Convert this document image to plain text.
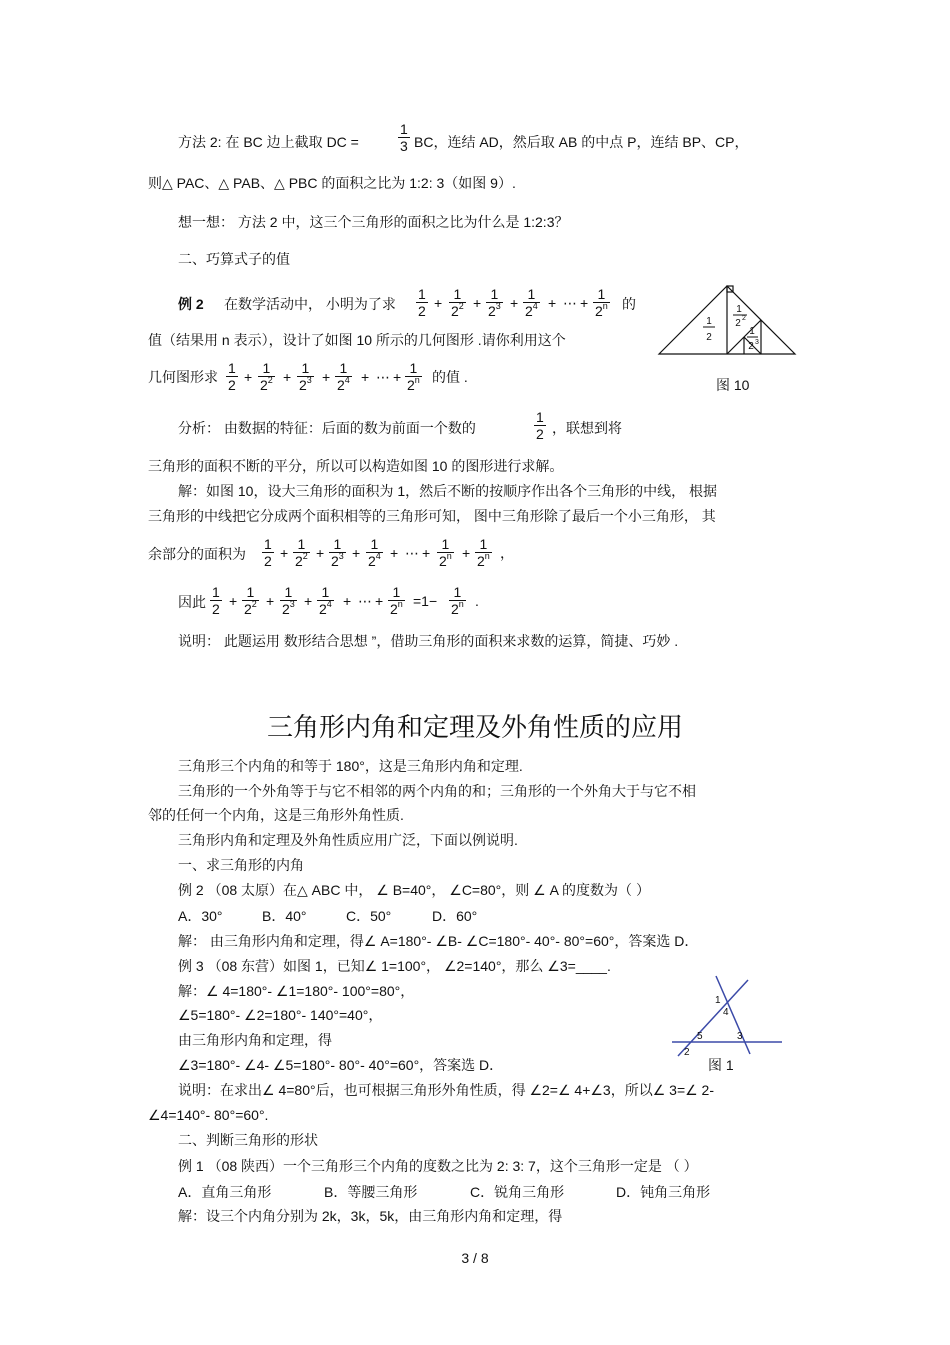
方法 2: 在 BC 边上截取 DC =	$\frac{1}{3}$ BC，连结 AD，然后取 AB 的中点 P，连结 BP、CP，
则△ PAC、△ PAB、△ PBC 的面积之比为 1:2: 3（如图 9）.
想一想： 方法 2 中，这三个三角形的面积之比为什么是 1:2:3？
二、巧算式子的值
例 2 在数学活动中， 小明为了求 $\frac{1}{2} + \frac{1}{2^2} + \frac{1}{2^3} + \frac{1}{2^4}$ + ⋯ + $\frac{1}{2^n}$ 的
值（结果用 n 表示），设计了如图 10 所示的几何图形 .请你利用这个
几何图形求 $\frac{1}{2} + \frac{1}{2^2} + \frac{1}{2^3} + \frac{1}{2^4}$ + ⋯ + $\frac{1}{2^n}$ 的值 .
1
2
1
2 2
1
2 3
图 10
分析： 由数据的特征：后面的数为前面一个数的	$\frac{1}{2}$ ，联想到将
三角形的面积不断的平分，所以可以构造如图 10 的图形进行求解。
解：如图 10，设大三角形的面积为 1，然后不断的按顺序作出各个三角形的中线， 根据
三角形的中线把它分成两个面积相等的三角形可知， 图中三角形除了最后一个小三角形， 其
余部分的面积为 $\frac{1}{2} + \frac{1}{2^2} + \frac{1}{2^3} + \frac{1}{2^4}$ + ⋯ + $\frac{1}{2^n} + \frac{1}{2^n}$ ，
因此 $\frac{1}{2} + \frac{1}{2^2} + \frac{1}{2^3} + \frac{1}{2^4}$ + ⋯ + $\frac{1}{2^n} =1- \frac{1}{2^n}$ .
说明： 此题运用 数形结合思想 ”，借助三角形的面积来求数的运算，简捷、巧妙 .
三角形内角和定理及外角性质的应用
三角形三个内角的和等于 180°，这是三角形内角和定理.
三角形的一个外角等于与它不相邻的两个内角的和；三角形的一个外角大于与它不相
邻的任何一个内角，这是三角形外角性质.
三角形内角和定理及外角性质应用广泛，下面以例说明.
一、求三角形的内角
例 2 （08 太原）在△ ABC 中， ∠ B=40°， ∠C=80°，则 ∠ A 的度数为（ ）
A．30°	B．40°	C．50°	D．60°
解： 由三角形内角和定理，得∠ A=180°- ∠B- ∠C=180°- 40°- 80°=60°，答案选 D．
例 3 （08 东营）如图 1，已知∠ 1=100°， ∠2=140°，那么 ∠3=____.
解：∠ 4=180°- ∠1=180°- 100°=80°，
∠5=180°- ∠2=180°- 140°=40°，
由三角形内角和定理，得
∠3=180°- ∠4- ∠5=180°- 80°- 40°=60°，答案选 D．
说明：在求出∠ 4=80°后，也可根据三角形外角性质，得 ∠2=∠ 4+∠3，所以∠ 3=∠ 2-
∠4=140°- 80°=60°.
1
4
5	3
2
图 1
二、判断三角形的形状
例 1 （08 陕西）一个三角形三个内角的度数之比为 2: 3: 7，这个三角形一定是 （ ）
A．直角三角形	B．等腰三角形	C．锐角三角形	D．钝角三角形
解：设三个内角分别为 2k，3k，5k，由三角形内角和定理，得
3 / 8
